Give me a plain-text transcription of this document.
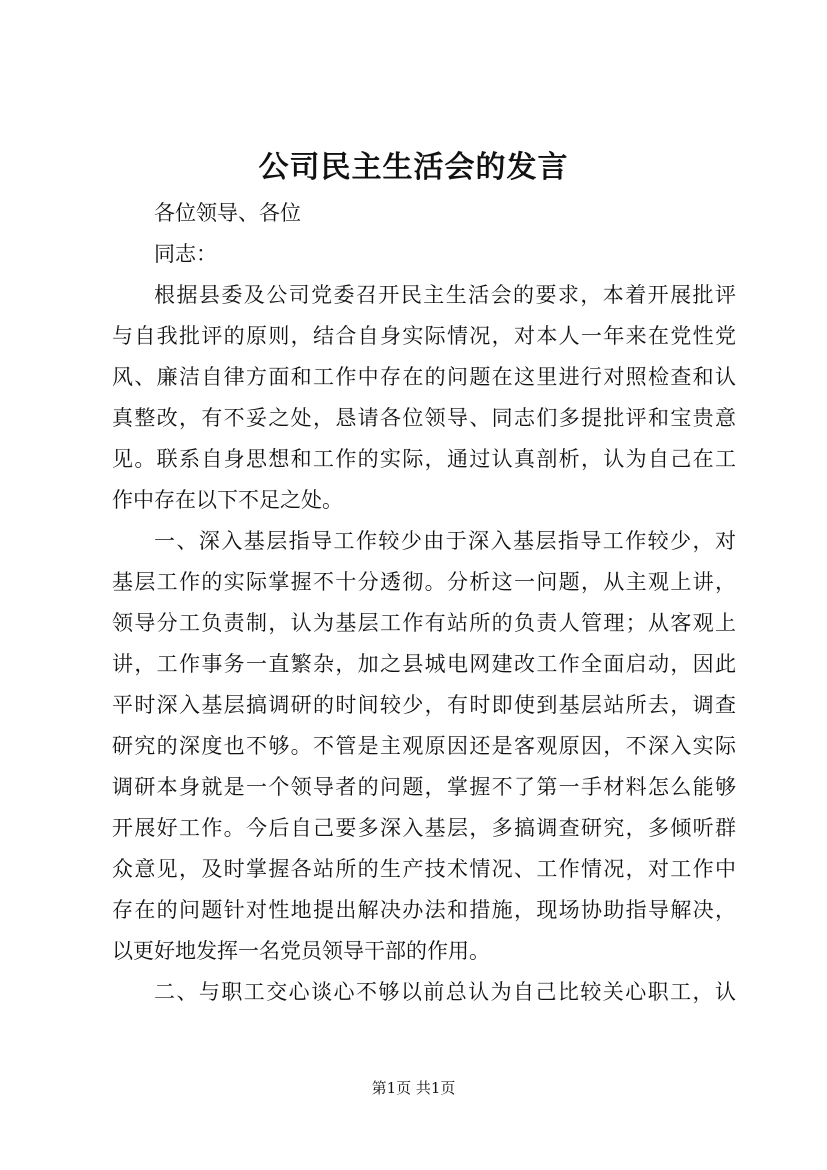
公司民主生活会的发言
各位领导、各位
同志：
根据县委及公司党委召开民主生活会的要求，本着开展批评
与自我批评的原则，结合自身实际情况，对本人一年来在党性党
风、廉洁自律方面和工作中存在的问题在这里进行对照检查和认
真整改，有不妥之处，恳请各位领导、同志们多提批评和宝贵意
见。联系自身思想和工作的实际，通过认真剖析，认为自己在工
作中存在以下不足之处。
一、深入基层指导工作较少由于深入基层指导工作较少，对
基层工作的实际掌握不十分透彻。分析这一问题，从主观上讲，
领导分工负责制，认为基层工作有站所的负责人管理；从客观上
讲，工作事务一直繁杂，加之县城电网建改工作全面启动，因此
平时深入基层搞调研的时间较少，有时即使到基层站所去，调查
研究的深度也不够。不管是主观原因还是客观原因，不深入实际
调研本身就是一个领导者的问题，掌握不了第一手材料怎么能够
开展好工作。今后自己要多深入基层，多搞调查研究，多倾听群
众意见，及时掌握各站所的生产技术情况、工作情况，对工作中
存在的问题针对性地提出解决办法和措施，现场协助指导解决，
以更好地发挥一名党员领导干部的作用。
二、与职工交心谈心不够以前总认为自己比较关心职工，认
第1页 共1页
